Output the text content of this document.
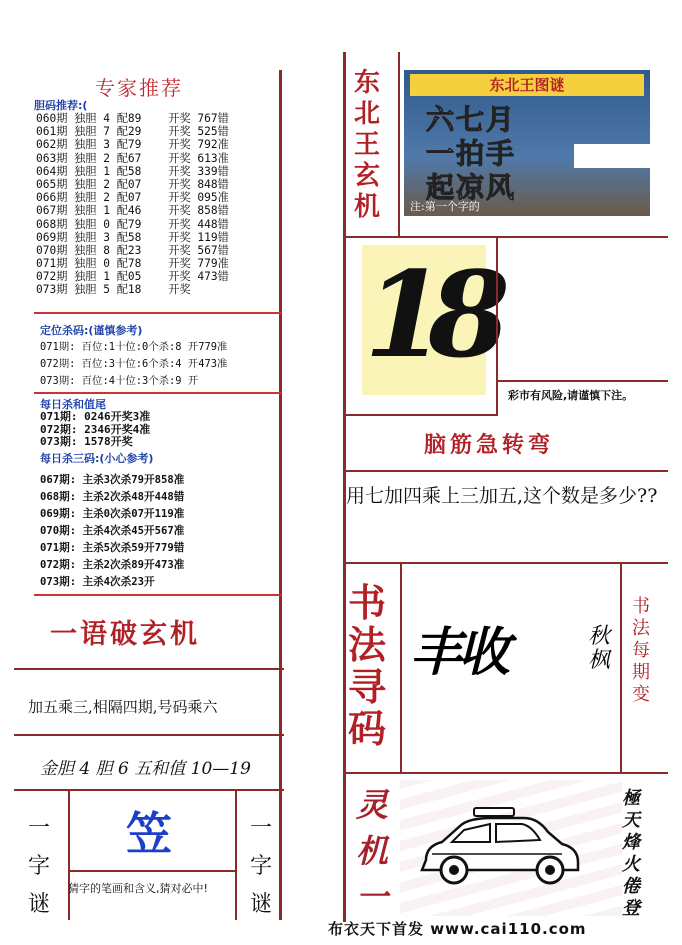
专家推荐
胆码推荐:(
060期 独胆 4 配89    开奖 767错
061期 独胆 7 配29    开奖 525错
062期 独胆 3 配79    开奖 792准
063期 独胆 2 配67    开奖 613准
064期 独胆 1 配58    开奖 339错
065期 独胆 2 配07    开奖 848错
066期 独胆 2 配07    开奖 095准
067期 独胆 1 配46    开奖 858错
068期 独胆 0 配79    开奖 448错
069期 独胆 3 配58    开奖 119错
070期 独胆 8 配23    开奖 567错
071期 独胆 0 配78    开奖 779准
072期 独胆 1 配05    开奖 473错
073期 独胆 5 配18    开奖
定位杀码:(谨慎参考)
071期: 百位:1十位:0个杀:8 开779准
072期: 百位:3十位:6个杀:4 开473准
073期: 百位:4十位:3个杀:9 开
每日杀和值尾
071期: 0246开奖3准
072期: 2346开奖4准
073期: 1578开奖
每日杀三码:(小心参考)
067期: 主杀3次杀79开858准
068期: 主杀2次杀48开448错
069期: 主杀0次杀07开119准
070期: 主杀4次杀45开567准
071期: 主杀5次杀59开779错
072期: 主杀2次杀89开473准
073期: 主杀4次杀23开
一语破玄机
加五乘三,相隔四期,号码乘六
金胆 4 胆 6 五和值 10—19
一
字
谜
一
字
谜
笠
猜字的笔画和含义,猜对必中!
东
北
王
玄
机
东北王图谜
六七月
一拍手
起凉风
注:第一个字的
1
8
彩市有风险,请谨慎下注。
脑筋急转弯
用七加四乘上三加五,这个数是多少??
书
法
寻
码
丰收	秋枫
书
法
每
期
变
灵
机
一
極
天
烽
火
倦
登
布衣天下首发 www.cai110.com
